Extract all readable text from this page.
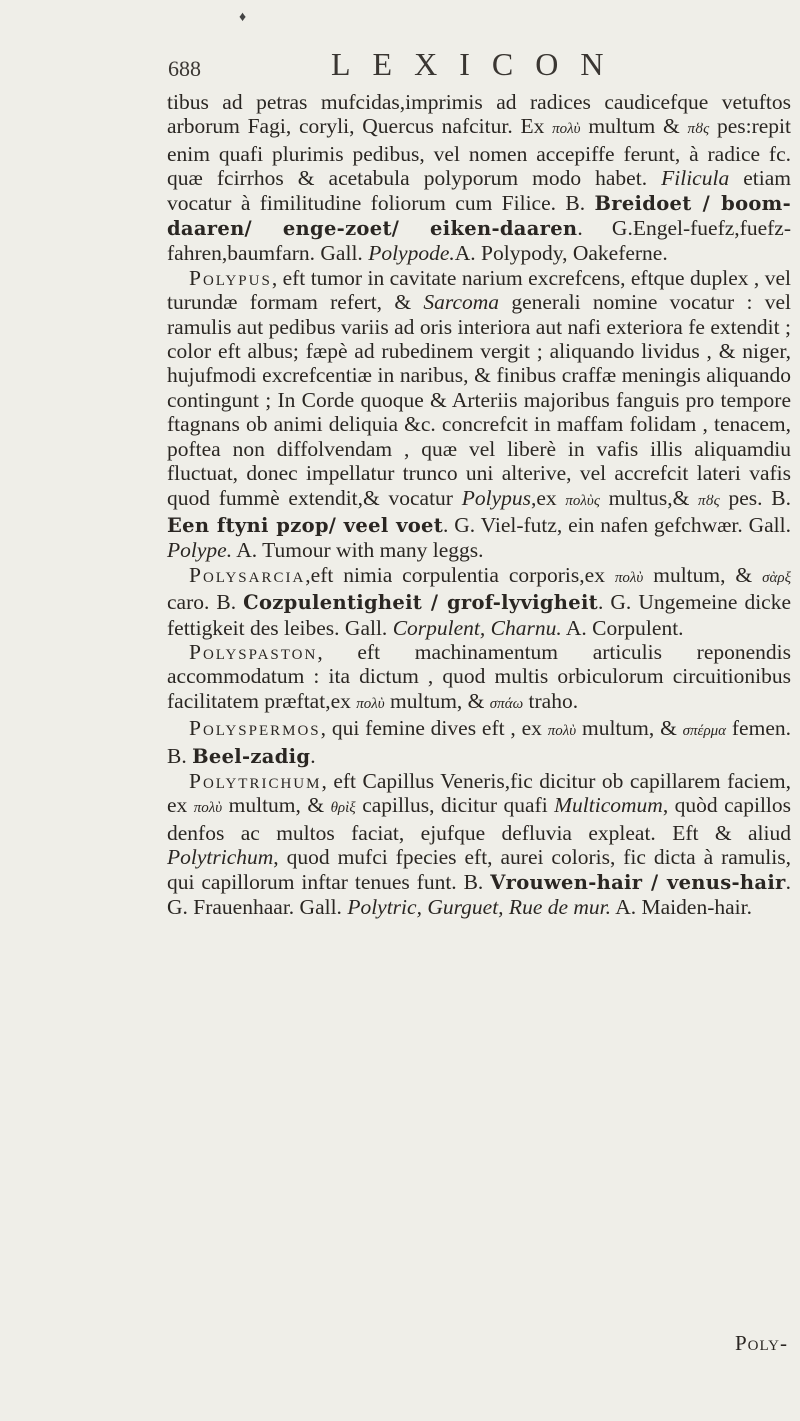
♦
688	LEXICON

tibus ad petras mufcidas,imprimis ad radices caudicefque vetuftos arborum Fagi, coryli, Quercus nafcitur. Ex πολὺ multum & πȣς pes:repit enim quafi plurimis pedibus, vel nomen accepiffe ferunt, à radice fc. quæ fcirrhos & acetabula polyporum modo habet. Filicula etiam vocatur à fimilitudine foliorum cum Filice. B. Breidoet / boom-daaren/ enge-zoet/ eiken-daaren. G.Engel-fuefz,fuefz-fahren,baumfarn. Gall. Polypode.A. Polypody, Oakeferne.

Polypus, eft tumor in cavitate narium excrefcens, eftque duplex , vel turundæ formam refert, & Sarcoma generali nomine vocatur : vel ramulis aut pedibus variis ad oris interiora aut nafi exteriora fe extendit ; color eft albus; fæpè ad rubedinem vergit ; aliquando lividus , & niger, hujufmodi excrefcentiæ in naribus, & finibus craffæ meningis aliquando contingunt ; In Corde quoque & Arteriis majoribus fanguis pro tempore ftagnans ob animi deliquia &c. concrefcit in maffam folidam , tenacem, poftea non diffolvendam , quæ vel liberè in vafis illis aliquamdiu fluctuat, donec impellatur trunco uni alterive, vel accrefcit lateri vafis quod fummè extendit,& vocatur Polypus,ex πολὺς multus,& πȣς pes. B. Een ftyni pzop/ veel voet. G. Viel-futz, ein nafen gefchwær. Gall. Polype. A. Tumour with many leggs.

Polysarcia,eft nimia corpulentia corporis,ex πολὺ multum, & σὰρξ caro. B. Cozpulentigheit / grof-lyvigheit. G. Ungemeine dicke fettigkeit des leibes. Gall. Corpulent, Charnu. A. Corpulent.

Polyspaston, eft machinamentum articulis reponendis accommodatum : ita dictum , quod multis orbiculorum circuitionibus facilitatem præftat,ex πολὺ multum, & σπάω traho.

Polyspermos, qui femine dives eft , ex πολὺ multum, & σπέρμα femen. B. Beel-zadig.

Polytrichum, eft Capillus Veneris,fic dicitur ob capillarem faciem, ex πολὺ multum, & θρὶξ capillus, dicitur quafi Multicomum, quòd capillos denfos ac multos faciat, ejufque defluvia expleat. Eft & aliud Polytrichum, quod mufci fpecies eft, aurei coloris, fic dicta à ramulis, qui capillorum inftar tenues funt. B. Vrouwen-hair / venus-hair. G. Frauenhaar. Gall. Polytric, Gurguet, Rue de mur. A. Maiden-hair.

Poly-
